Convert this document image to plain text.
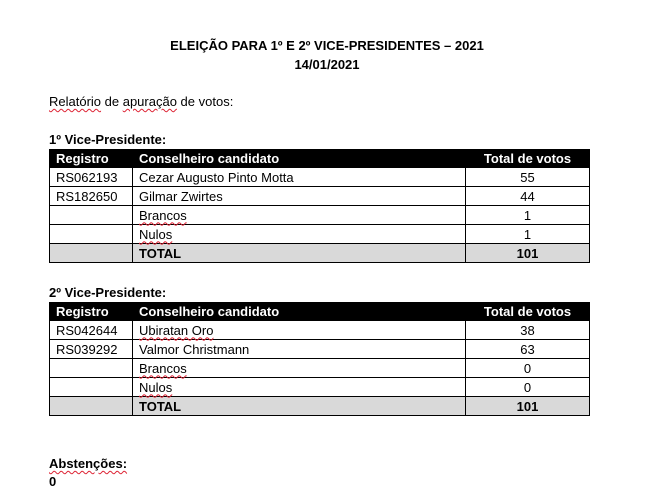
ELEIÇÃO PARA 1º E 2º VICE-PRESIDENTES – 2021
14/01/2021
Relatório de apuração de votos:
1º Vice-Presidente:
Registro	Conselheiro candidato	Total de votos
RS062193	Cezar Augusto Pinto Motta	55
RS182650	Gilmar Zwirtes	44
	Brancos	1
	Nulos	1
	TOTAL	101
2º Vice-Presidente:
Registro	Conselheiro candidato	Total de votos
RS042644	Ubiratan Oro	38
RS039292	Valmor Christmann	63
	Brancos	0
	Nulos	0
	TOTAL	101
Abstenções:
0
